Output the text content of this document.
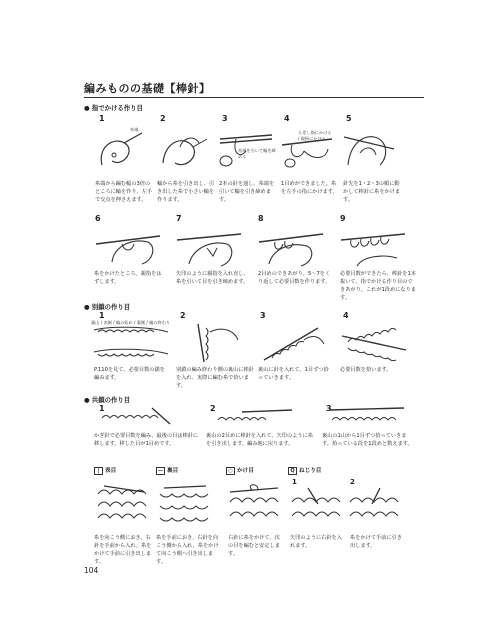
編みものの基礎【棒針】
● 指でかける作り目
1	2	3	4	5
糸端
糸端を引いて輪を締める
人差し指にかける / 親指にかける
糸端から編む幅の3倍のところに輪を作り、左手で交点を押さえます。
輪から糸を引き出し、引き出した糸で小さい輪を作ります。
2本の針を通し、糸端を引いて輪を引き締めます。
1目めができました。糸を左手の指にかけます。
針先を1・2・3の順に動かして棒針に糸をかけます。
6	7	8	9
糸をかけたところ。親指をはずします。
矢印のように親指を入れ直し、糸を引いて目を引き締めます。
2目めのできあがり。5〜7をくり返して必要目数を作ります。
必要目数ができたら、棒針を1本抜いて、指でかける作り目のできあがり。これが1段めになります。
● 別鎖の作り目
1	2	3	4
裏山 / 表側 / 編み始め / 裏側 / 編み終わり
P.110を見て、必要目数の鎖を編みます。
別鎖の編み終わり側の裏山に棒針を入れ、実際に編む糸で拾います。
裏山に針を入れて、1目ずつ拾っていきます。
必要目数を拾います。
● 共鎖の作り目
1	2	3
かぎ針で必要目数を編み、最後の目は棒針に移します。移した目が1目めです。
裏山の2目めに棒針を入れて、矢印のように糸を引き出します。編み地に戻ります。
裏山の1山から1目ずつ拾っていきます。拾っている段を1段めと数えます。
| 表目	— 裏目	○ かけ目	Q ねじり目
1	2
糸を向こう側におき、右針を手前から入れ、糸をかけて手前に引き出します。
糸を手前におき、右針を向こう側から入れ、糸をかけて向こう側へ引き出します。
右針に糸をかけて、次の目を編むと安定します。
矢印のように右針を入れます。
糸をかけて手前に引き出します。
104
